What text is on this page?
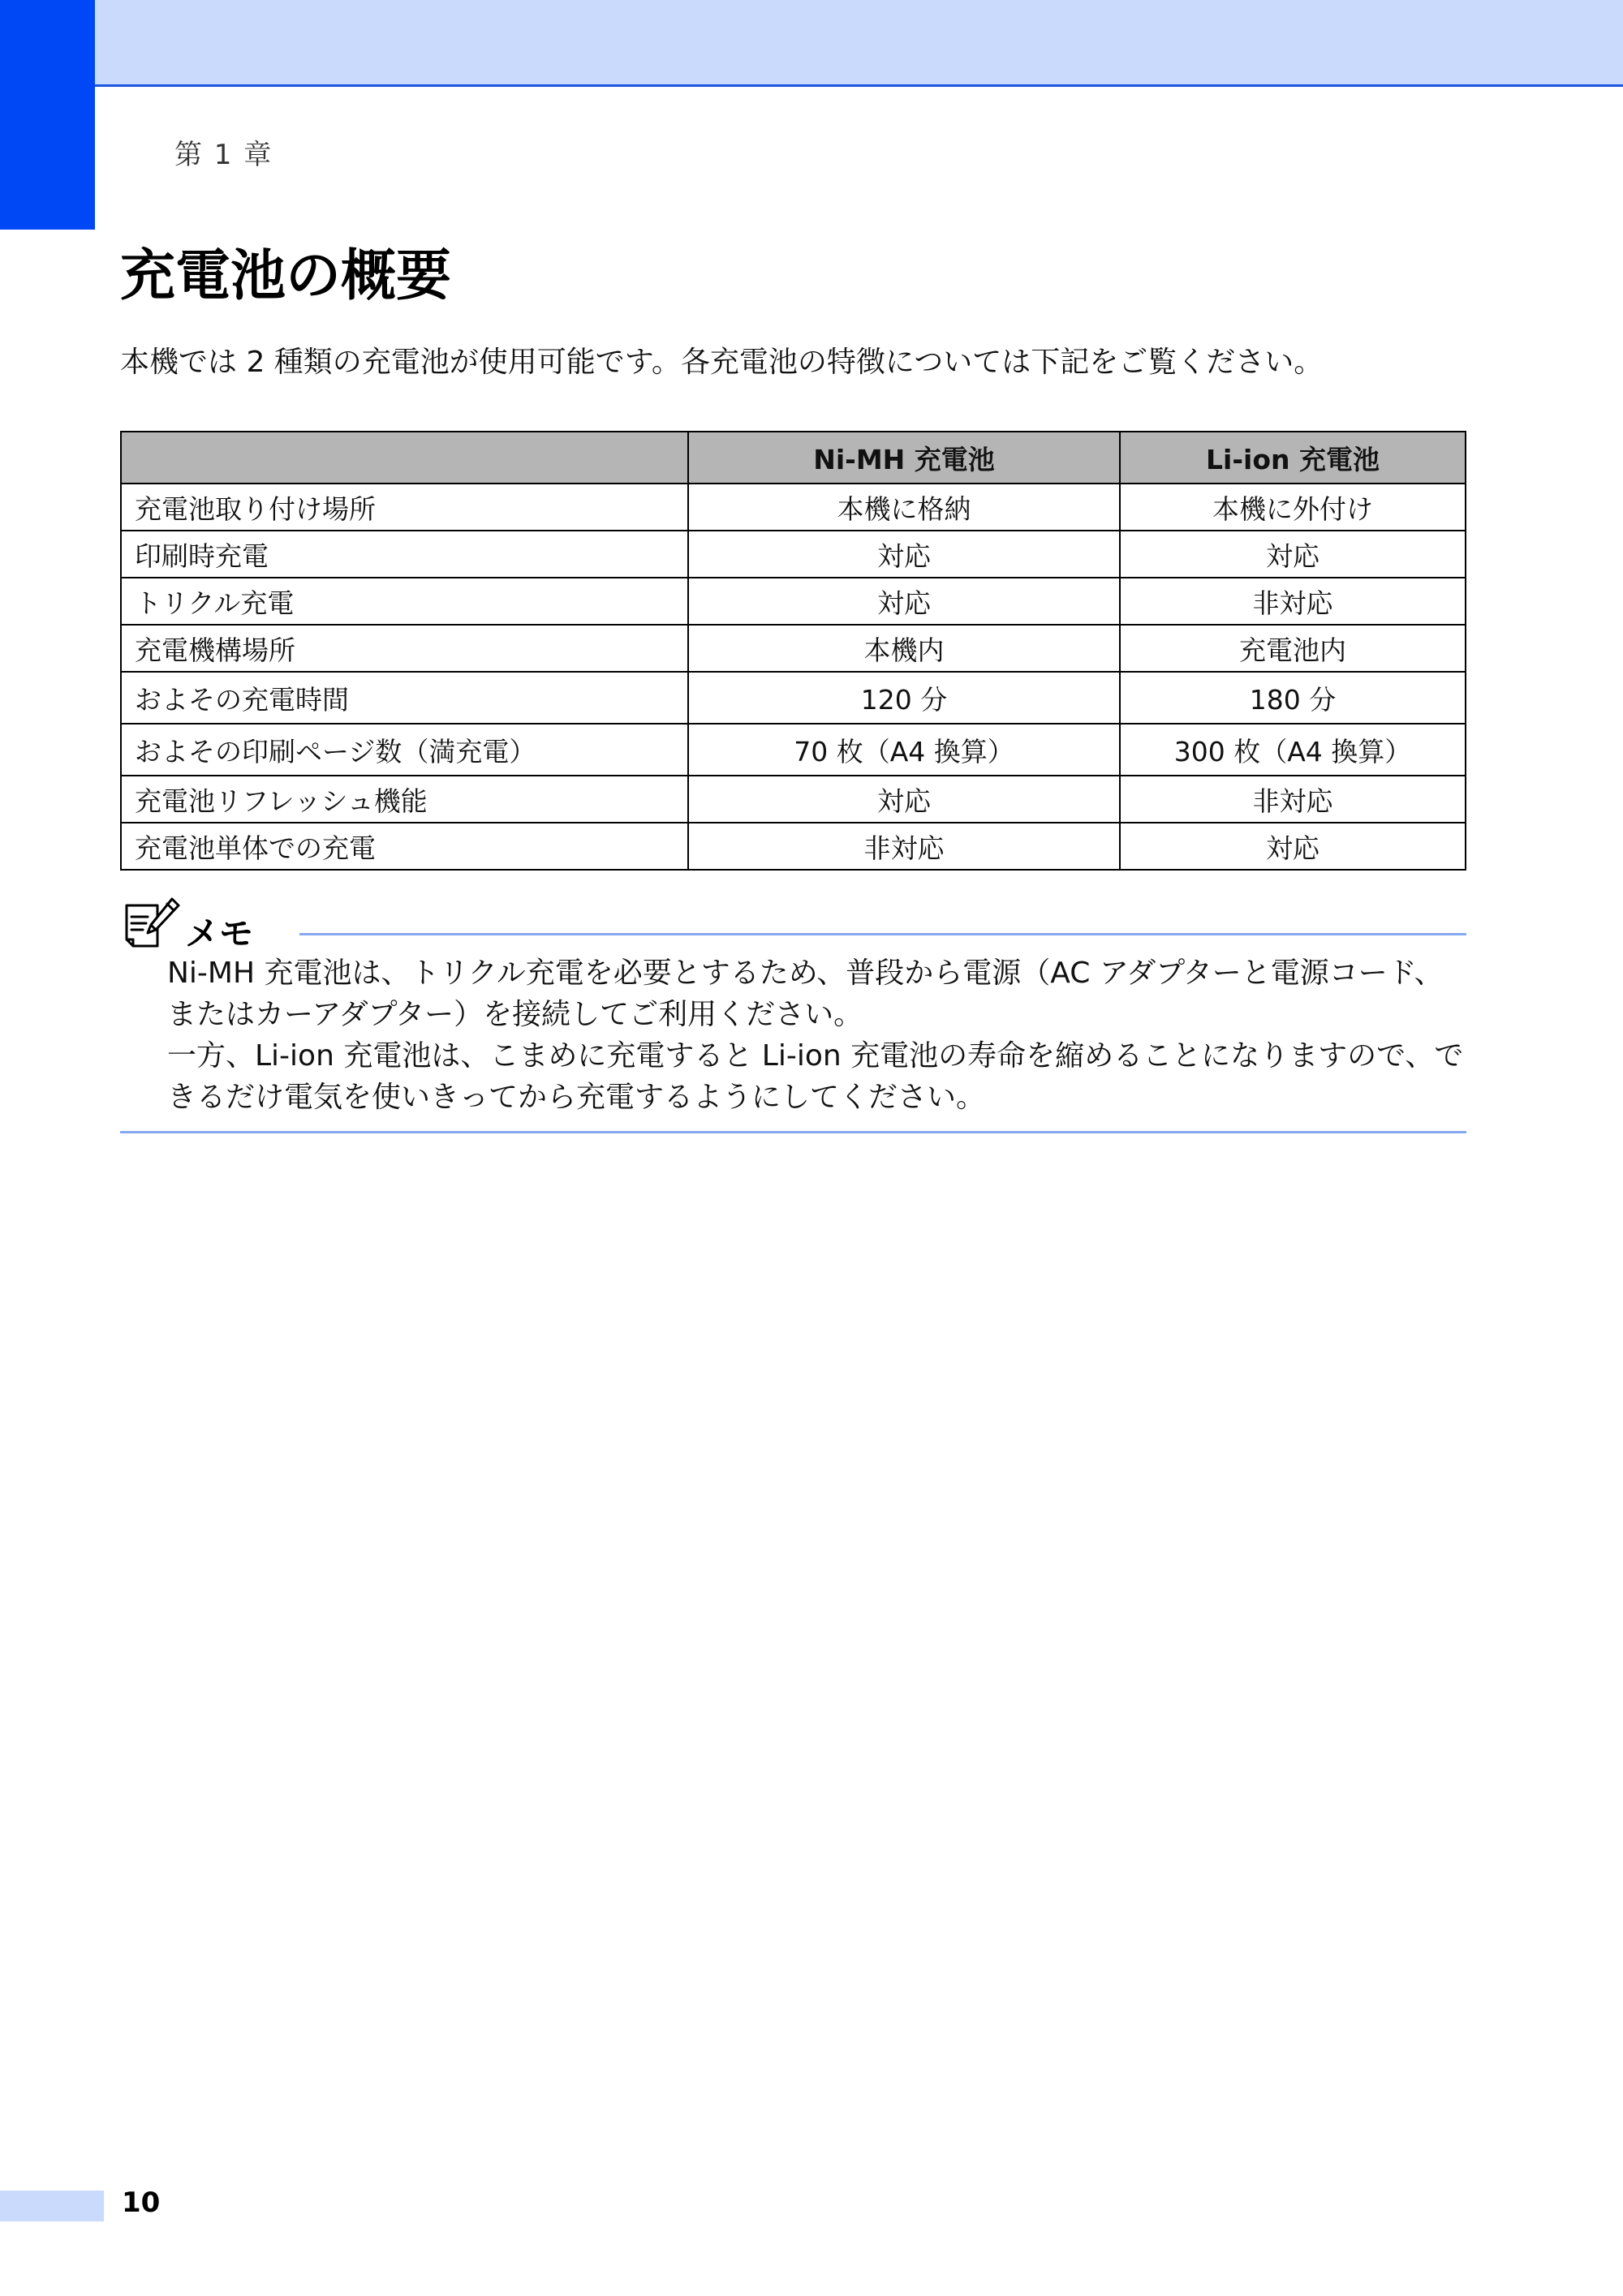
第 1 章
充電池の概要

本機では 2 種類の充電池が使用可能です。各充電池の特徴については下記をご覧ください。

	Ni-MH 充電池	Li-ion 充電池
充電池取り付け場所	本機に格納	本機に外付け
印刷時充電	対応	対応
トリクル充電	対応	非対応
充電機構場所	本機内	充電池内
およその充電時間	120 分	180 分
およその印刷ページ数（満充電）	70 枚（A4 換算）	300 枚（A4 換算）
充電池リフレッシュ機能	対応	非対応
充電池単体での充電	非対応	対応
メモ

Ni-MH 充電池は、トリクル充電を必要とするため、普段から電源（AC アダプターと電源コード、またはカーアダプター）を接続してご利用ください。

一方、Li-ion 充電池は、こまめに充電すると Li-ion 充電池の寿命を縮めることになりますので、できるだけ電気を使いきってから充電するようにしてください。

10
